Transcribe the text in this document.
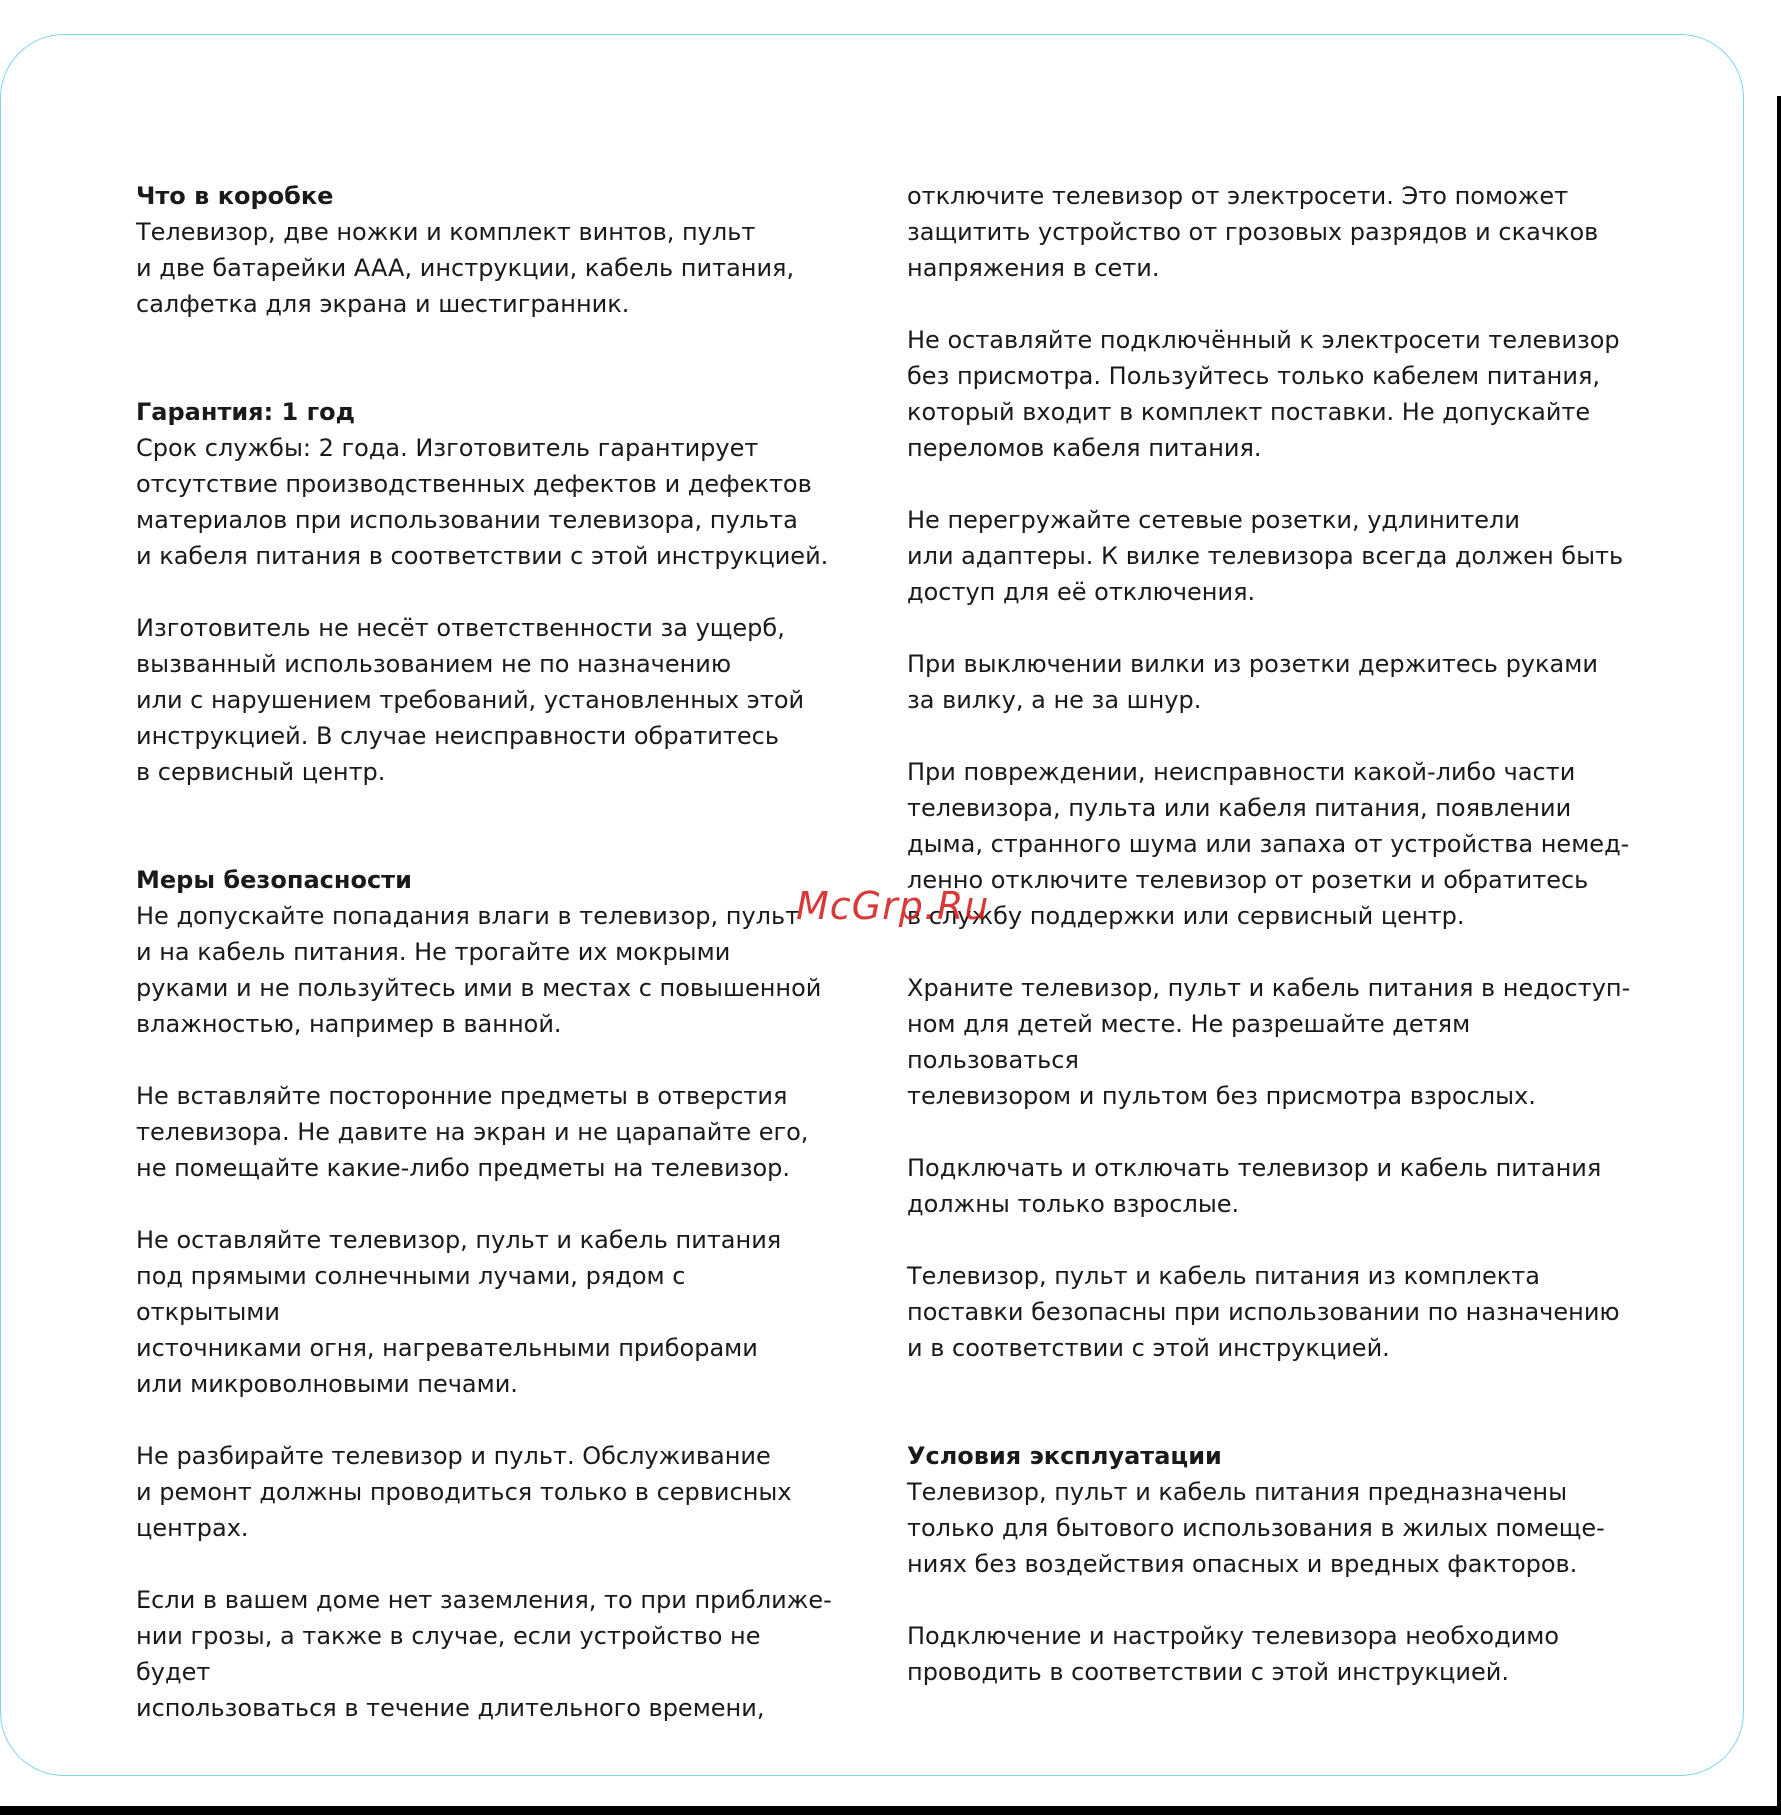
Что в коробке

Телевизор, две ножки и комплект винтов, пульт
и две батарейки AAA, инструкции, кабель питания,
салфетка для экрана и шестигранник.

Гарантия: 1 год

Срок службы: 2 года. Изготовитель гарантирует
отсутствие производственных дефектов и дефектов
материалов при использовании телевизора, пульта
и кабеля питания в соответствии с этой инструкцией.

Изготовитель не несёт ответственности за ущерб,
вызванный использованием не по назначению
или с нарушением требований, установленных этой
инструкцией. В случае неисправности обратитесь
в сервисный центр.

Меры безопасности

Не допускайте попадания влаги в телевизор, пульт
и на кабель питания. Не трогайте их мокрыми
руками и не пользуйтесь ими в местах с повышенной
влажностью, например в ванной.

Не вставляйте посторонние предметы в отверстия
телевизора. Не давите на экран и не царапайте его,
не помещайте какие-либо предметы на телевизор.

Не оставляйте телевизор, пульт и кабель питания
под прямыми солнечными лучами, рядом с открытыми
источниками огня, нагревательными приборами
или микроволновыми печами.

Не разбирайте телевизор и пульт. Обслуживание
и ремонт должны проводиться только в сервисных
центрах.

Если в вашем доме нет заземления, то при приближе-
нии грозы, а также в случае, если устройство не будет
использоваться в течение длительного времени,

отключите телевизор от электросети. Это поможет
защитить устройство от грозовых разрядов и скачков
напряжения в сети.

Не оставляйте подключённый к электросети телевизор
без присмотра. Пользуйтесь только кабелем питания,
который входит в комплект поставки. Не допускайте
переломов кабеля питания.

Не перегружайте сетевые розетки, удлинители
или адаптеры. К вилке телевизора всегда должен быть
доступ для её отключения.

При выключении вилки из розетки держитесь руками
за вилку, а не за шнур.

При повреждении, неисправности какой-либо части
телевизора, пульта или кабеля питания, появлении
дыма, странного шума или запаха от устройства немед-
ленно отключите телевизор от розетки и обратитесь
в службу поддержки или сервисный центр.

Храните телевизор, пульт и кабель питания в недоступ-
ном для детей месте. Не разрешайте детям пользоваться
телевизором и пультом без присмотра взрослых.

Подключать и отключать телевизор и кабель питания
должны только взрослые.

Телевизор, пульт и кабель питания из комплекта
поставки безопасны при использовании по назначению
и в соответствии с этой инструкцией.

Условия эксплуатации

Телевизор, пульт и кабель питания предназначены
только для бытового использования в жилых помеще-
ниях без воздействия опасных и вредных факторов.

Подключение и настройку телевизора необходимо
проводить в соответствии с этой инструкцией.

McGrp.Ru
